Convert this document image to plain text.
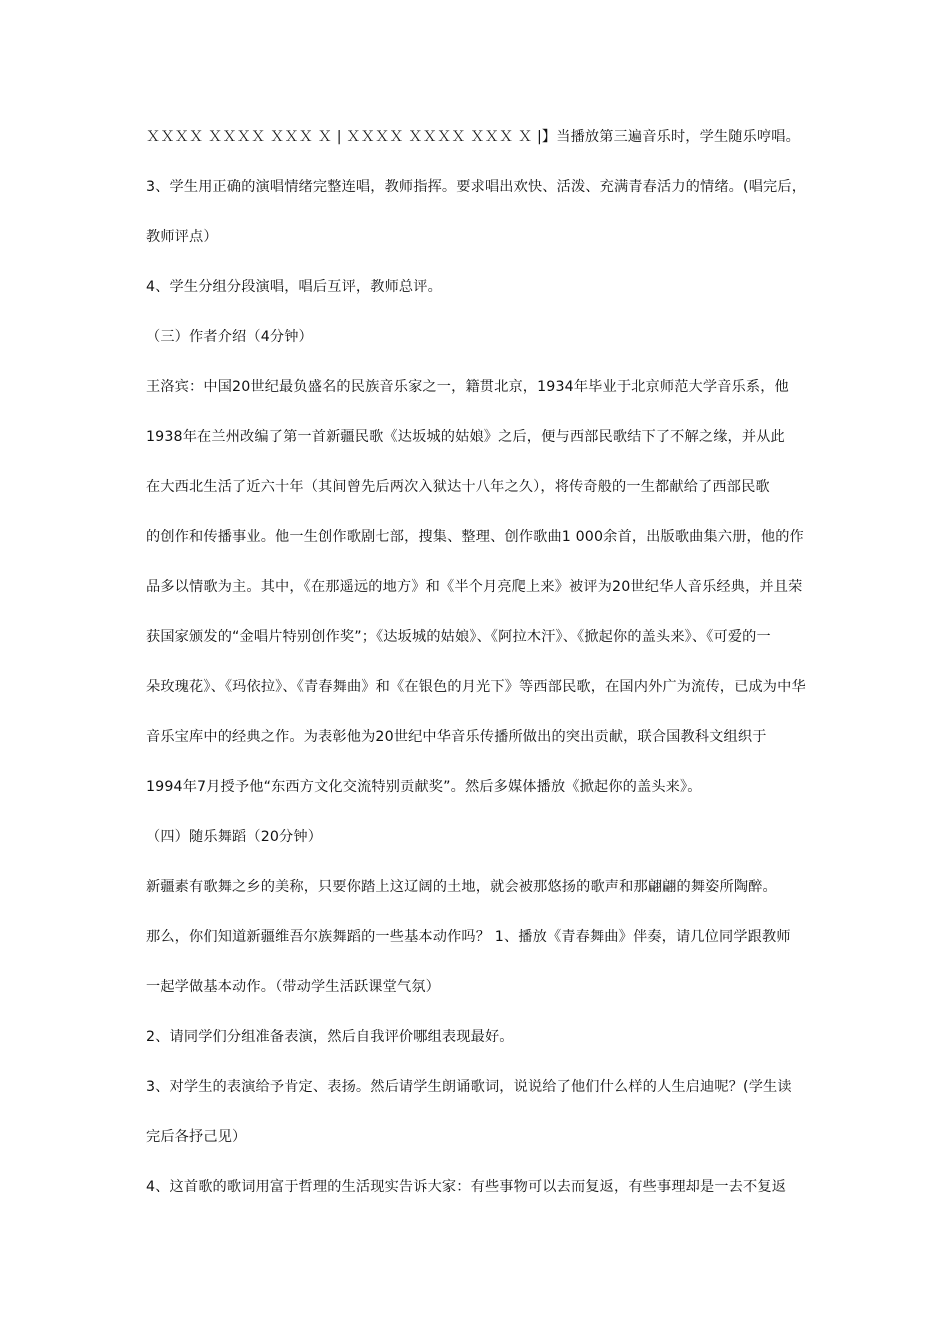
ＸＸＸＸ ＸＸＸＸ ＸＸＸ Ｘ | ＸＸＸＸ ＸＸＸＸ ＸＸＸ Ｘ |】当播放第三遍音乐时，学生随乐哼唱。
3、学生用正确的演唱情绪完整连唱，教师指挥。要求唱出欢快、活泼、充满青春活力的情绪。(唱完后，
教师评点）
4、学生分组分段演唱，唱后互评，教师总评。
（三）作者介绍（4分钟）
王洛宾：中国20世纪最负盛名的民族音乐家之一，籍贯北京，1934年毕业于北京师范大学音乐系，他
1938年在兰州改编了第一首新疆民歌《达坂城的姑娘》之后，便与西部民歌结下了不解之缘，并从此
在大西北生活了近六十年（其间曾先后两次入狱达十八年之久），将传奇般的一生都献给了西部民歌
的创作和传播事业。他一生创作歌剧七部，搜集、整理、创作歌曲1 000余首，出版歌曲集六册，他的作
品多以情歌为主。其中，《在那遥远的地方》和《半个月亮爬上来》被评为20世纪华人音乐经典，并且荣
获国家颁发的“金唱片特别创作奖”；《达坂城的姑娘》、《阿拉木汗》、《掀起你的盖头来》、《可爱的一
朵玫瑰花》、《玛依拉》、《青春舞曲》和《在银色的月光下》等西部民歌，在国内外广为流传，已成为中华
音乐宝库中的经典之作。为表彰他为20世纪中华音乐传播所做出的突出贡献，联合国教科文组织于
1994年7月授予他“东西方文化交流特别贡献奖”。然后多媒体播放《掀起你的盖头来》。
（四）随乐舞蹈（20分钟）
新疆素有歌舞之乡的美称，只要你踏上这辽阔的土地，就会被那悠扬的歌声和那翩翩的舞姿所陶醉。
那么，你们知道新疆维吾尔族舞蹈的一些基本动作吗？ 1、播放《青春舞曲》伴奏，请几位同学跟教师
一起学做基本动作。（带动学生活跃课堂气氛）
2、请同学们分组准备表演，然后自我评价哪组表现最好。
3、对学生的表演给予肯定、表扬。然后请学生朗诵歌词，说说给了他们什么样的人生启迪呢？(学生读
完后各抒己见）
4、这首歌的歌词用富于哲理的生活现实告诉大家：有些事物可以去而复返，有些事理却是一去不复返
